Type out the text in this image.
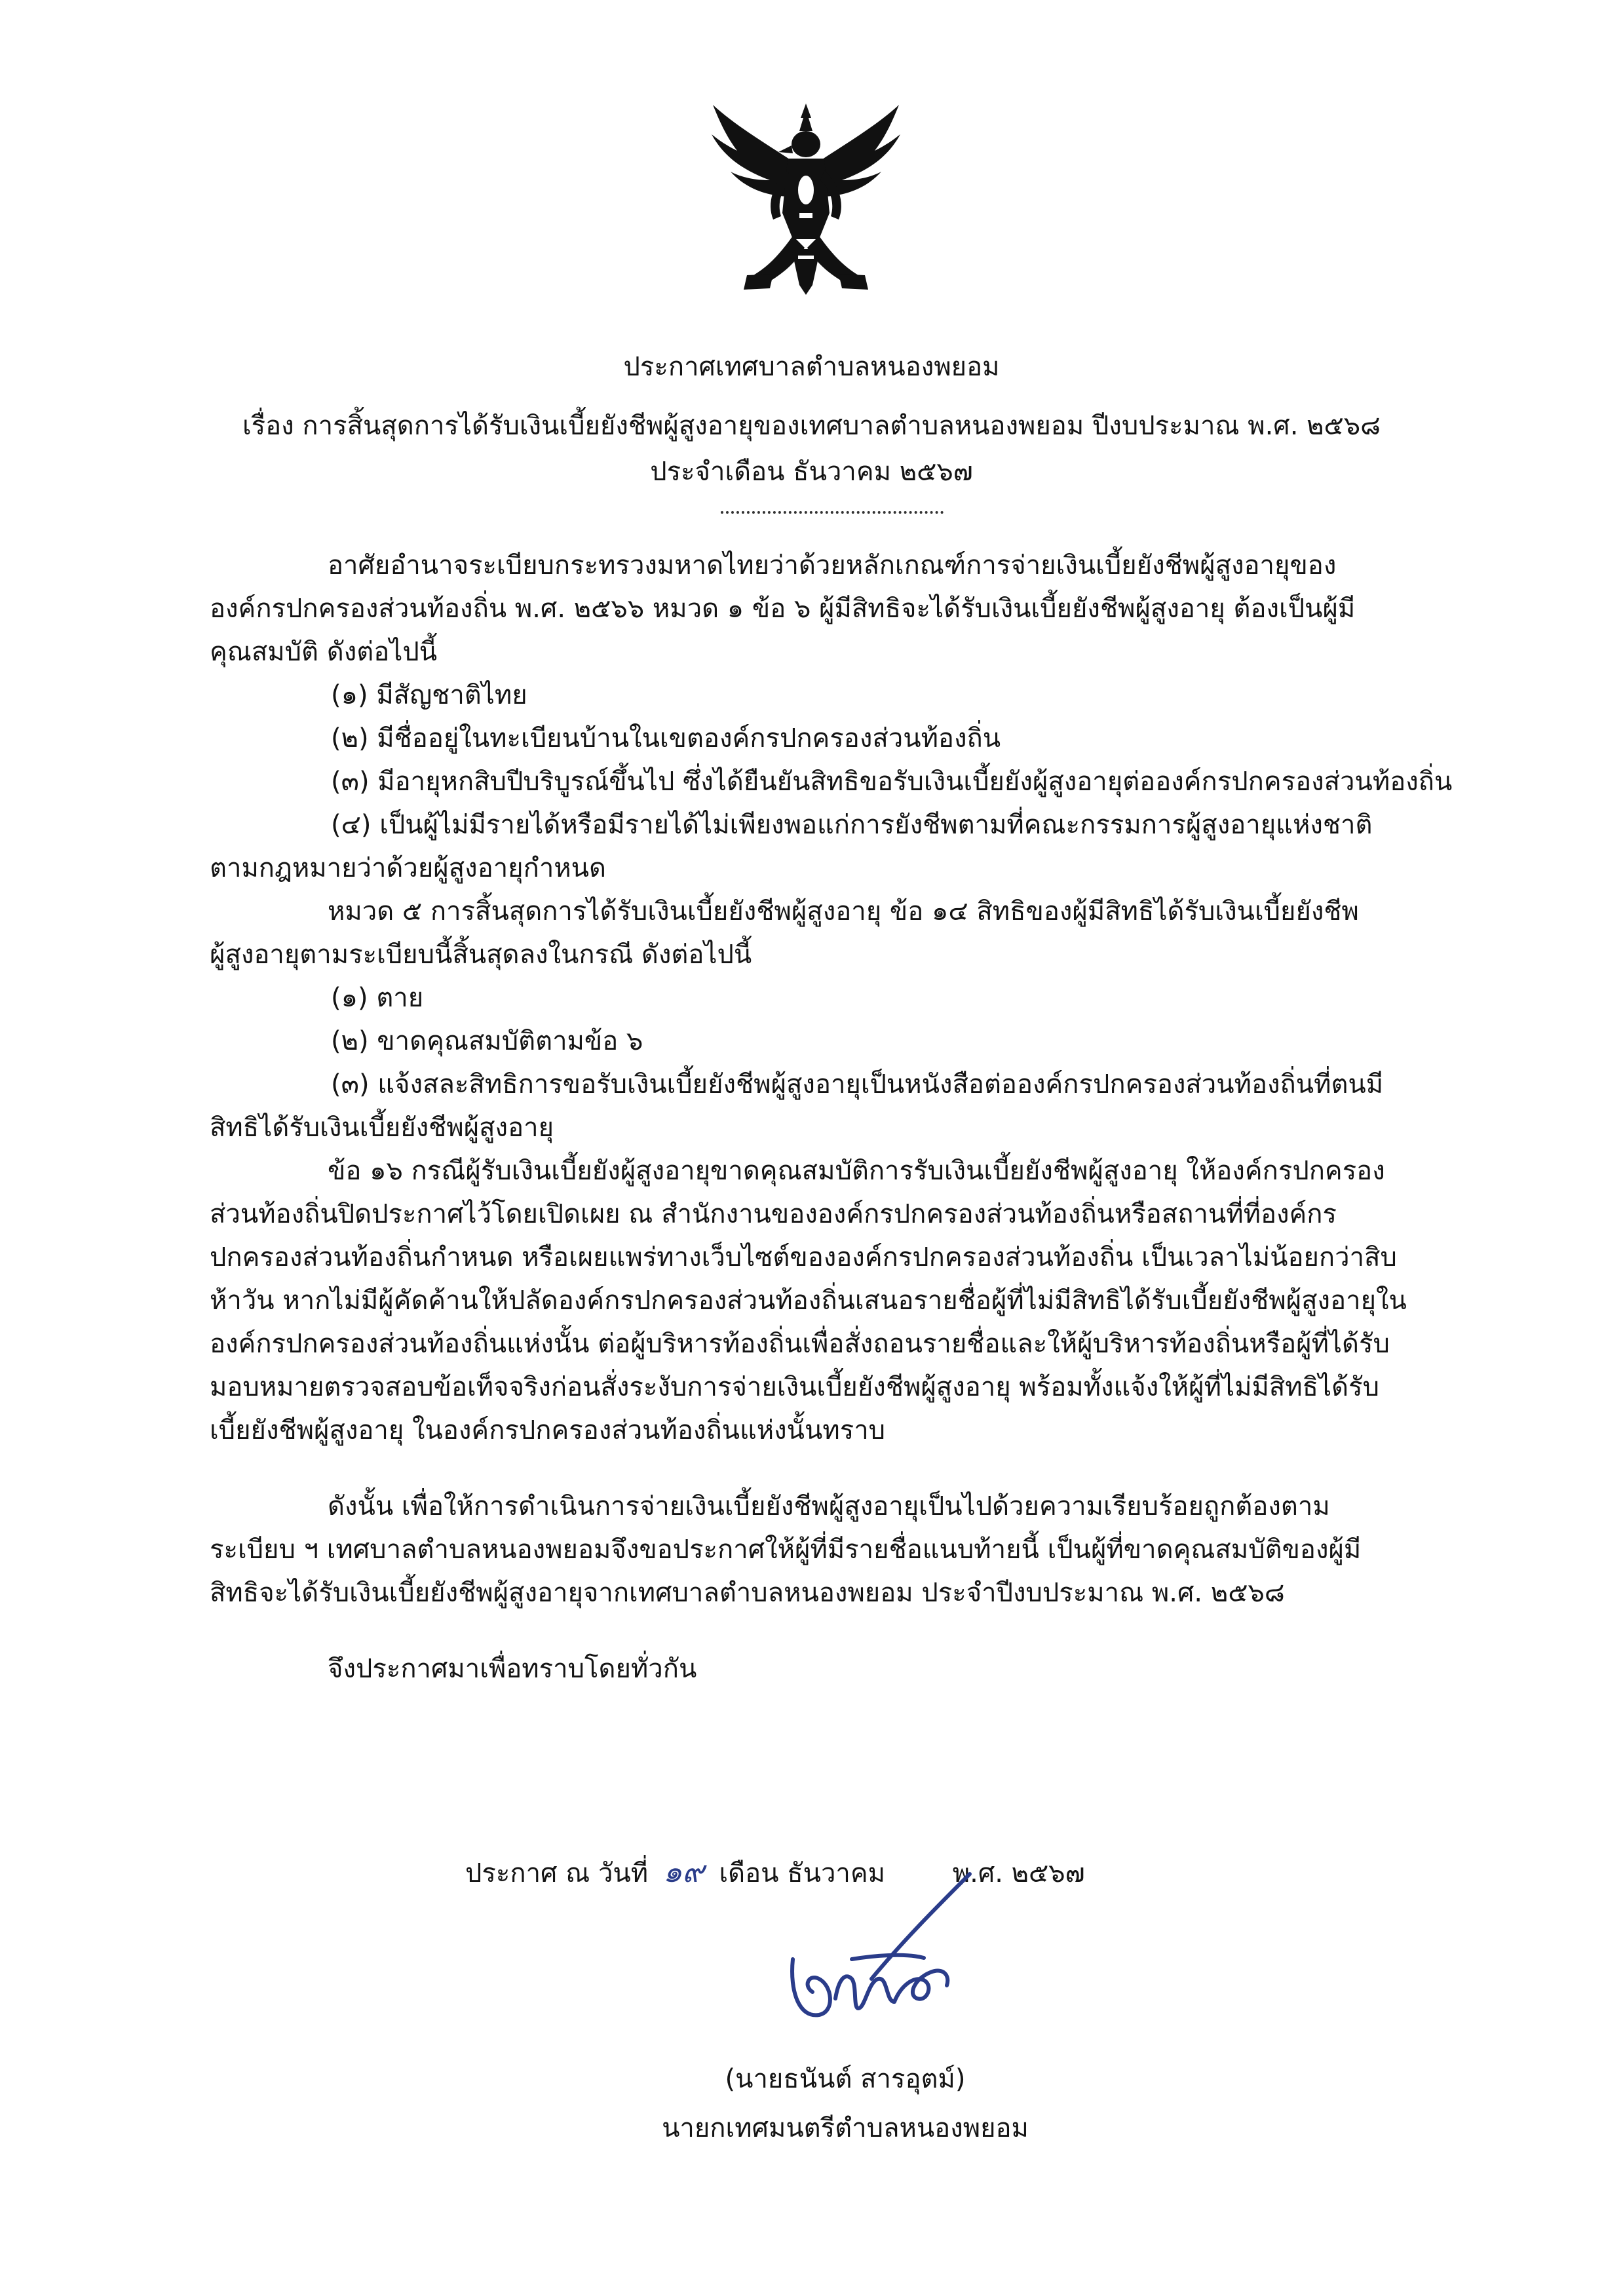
ประกาศเทศบาลตำบลหนองพยอม
เรื่อง การสิ้นสุดการได้รับเงินเบี้ยยังชีพผู้สูงอายุของเทศบาลตำบลหนองพยอม ปีงบประมาณ พ.ศ. ๒๕๖๘
ประจำเดือน ธันวาคม ๒๕๖๗
อาศัยอำนาจระเบียบกระทรวงมหาดไทยว่าด้วยหลักเกณฑ์การจ่ายเงินเบี้ยยังชีพผู้สูงอายุของ
องค์กรปกครองส่วนท้องถิ่น พ.ศ. ๒๕๖๖ หมวด ๑ ข้อ ๖ ผู้มีสิทธิจะได้รับเงินเบี้ยยังชีพผู้สูงอายุ ต้องเป็นผู้มี
คุณสมบัติ ดังต่อไปนี้
(๑) มีสัญชาติไทย
(๒) มีชื่ออยู่ในทะเบียนบ้านในเขตองค์กรปกครองส่วนท้องถิ่น
(๓) มีอายุหกสิบปีบริบูรณ์ขึ้นไป ซึ่งได้ยืนยันสิทธิขอรับเงินเบี้ยยังผู้สูงอายุต่อองค์กรปกครองส่วนท้องถิ่น
(๔) เป็นผู้ไม่มีรายได้หรือมีรายได้ไม่เพียงพอแก่การยังชีพตามที่คณะกรรมการผู้สูงอายุแห่งชาติ
ตามกฎหมายว่าด้วยผู้สูงอายุกำหนด
หมวด ๕ การสิ้นสุดการได้รับเงินเบี้ยยังชีพผู้สูงอายุ ข้อ ๑๔ สิทธิของผู้มีสิทธิได้รับเงินเบี้ยยังชีพ
ผู้สูงอายุตามระเบียบนี้สิ้นสุดลงในกรณี ดังต่อไปนี้
(๑) ตาย
(๒) ขาดคุณสมบัติตามข้อ ๖
(๓) แจ้งสละสิทธิการขอรับเงินเบี้ยยังชีพผู้สูงอายุเป็นหนังสือต่อองค์กรปกครองส่วนท้องถิ่นที่ตนมี
สิทธิได้รับเงินเบี้ยยังชีพผู้สูงอายุ
ข้อ ๑๖ กรณีผู้รับเงินเบี้ยยังผู้สูงอายุขาดคุณสมบัติการรับเงินเบี้ยยังชีพผู้สูงอายุ ให้องค์กรปกครอง
ส่วนท้องถิ่นปิดประกาศไว้โดยเปิดเผย ณ สำนักงานขององค์กรปกครองส่วนท้องถิ่นหรือสถานที่ที่องค์กร
ปกครองส่วนท้องถิ่นกำหนด หรือเผยแพร่ทางเว็บไซต์ขององค์กรปกครองส่วนท้องถิ่น เป็นเวลาไม่น้อยกว่าสิบ
ห้าวัน หากไม่มีผู้คัดค้านให้ปลัดองค์กรปกครองส่วนท้องถิ่นเสนอรายชื่อผู้ที่ไม่มีสิทธิได้รับเบี้ยยังชีพผู้สูงอายุใน
องค์กรปกครองส่วนท้องถิ่นแห่งนั้น ต่อผู้บริหารท้องถิ่นเพื่อสั่งถอนรายชื่อและให้ผู้บริหารท้องถิ่นหรือผู้ที่ได้รับ
มอบหมายตรวจสอบข้อเท็จจริงก่อนสั่งระงับการจ่ายเงินเบี้ยยังชีพผู้สูงอายุ พร้อมทั้งแจ้งให้ผู้ที่ไม่มีสิทธิได้รับ
เบี้ยยังชีพผู้สูงอายุ ในองค์กรปกครองส่วนท้องถิ่นแห่งนั้นทราบ
ดังนั้น เพื่อให้การดำเนินการจ่ายเงินเบี้ยยังชีพผู้สูงอายุเป็นไปด้วยความเรียบร้อยถูกต้องตาม
ระเบียบ ฯ เทศบาลตำบลหนองพยอมจึงขอประกาศให้ผู้ที่มีรายชื่อแนบท้ายนี้ เป็นผู้ที่ขาดคุณสมบัติของผู้มี
สิทธิจะได้รับเงินเบี้ยยังชีพผู้สูงอายุจากเทศบาลตำบลหนองพยอม ประจำปีงบประมาณ พ.ศ. ๒๕๖๘
จึงประกาศมาเพื่อทราบโดยทั่วกัน
ประกาศ ณ วันที่ ๑๙ เดือน ธันวาคม	พ.ศ. ๒๕๖๗
(นายธนันต์ สารอุตม์)
นายกเทศมนตรีตำบลหนองพยอม
